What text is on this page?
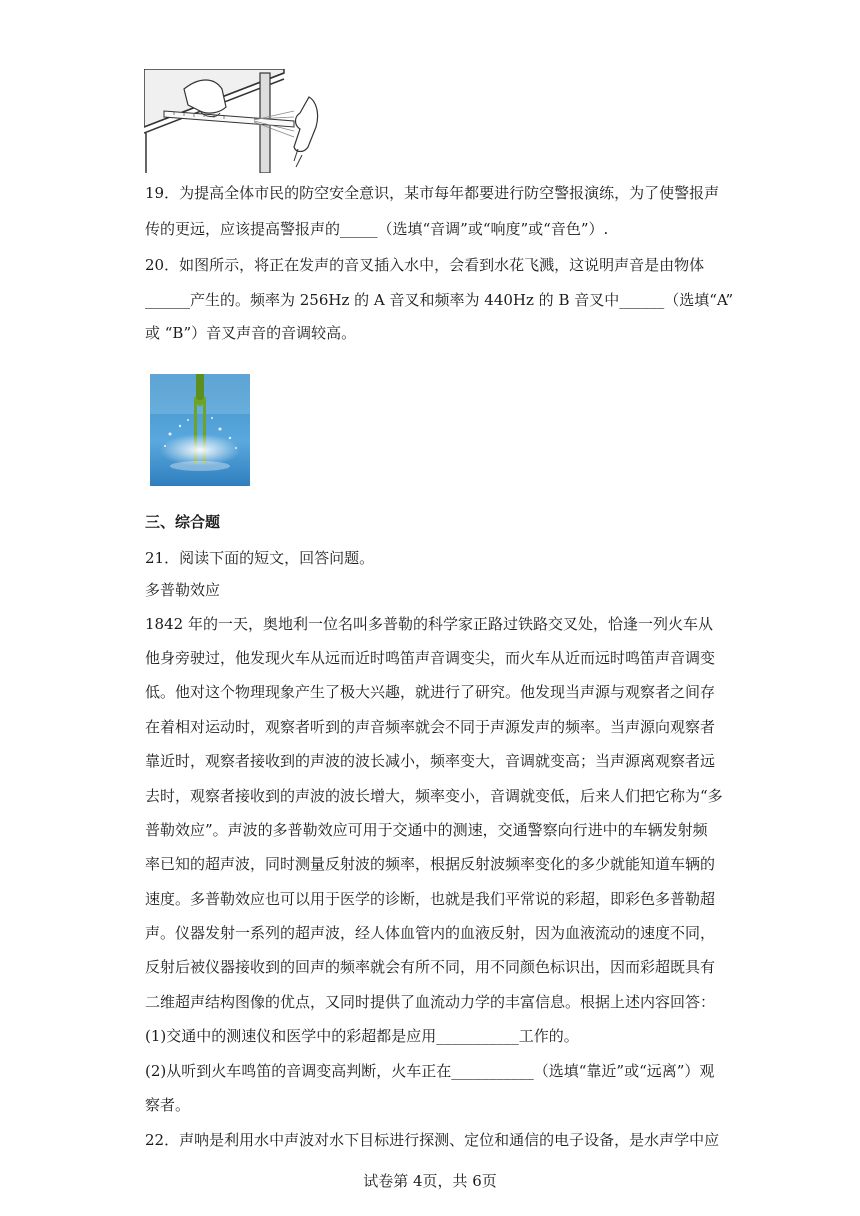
19．为提高全体市民的防空安全意识，某市每年都要进行防空警报演练，为了使警报声
传的更远，应该提高警报声的_____（选填“音调”或“响度”或“音色”）.
20．如图所示，将正在发声的音叉插入水中，会看到水花飞溅，这说明声音是由物体
______产生的。频率为 256Hz 的 A 音叉和频率为 440Hz 的 B 音叉中______（选填“A”
或 “B”）音叉声音的音调较高。
三、综合题
21．阅读下面的短文，回答问题。
多普勒效应
1842 年的一天，奥地利一位名叫多普勒的科学家正路过铁路交叉处，恰逢一列火车从
他身旁驶过，他发现火车从远而近时鸣笛声音调变尖，而火车从近而远时鸣笛声音调变
低。他对这个物理现象产生了极大兴趣，就进行了研究。他发现当声源与观察者之间存
在着相对运动时，观察者听到的声音频率就会不同于声源发声的频率。当声源向观察者
靠近时，观察者接收到的声波的波长减小，频率变大，音调就变高；当声源离观察者远
去时，观察者接收到的声波的波长增大，频率变小，音调就变低，后来人们把它称为“多
普勒效应”。声波的多普勒效应可用于交通中的测速，交通警察向行进中的车辆发射频
率已知的超声波，同时测量反射波的频率，根据反射波频率变化的多少就能知道车辆的
速度。多普勒效应也可以用于医学的诊断，也就是我们平常说的彩超，即彩色多普勒超
声。仪器发射一系列的超声波，经人体血管内的血液反射，因为血液流动的速度不同，
反射后被仪器接收到的回声的频率就会有所不同，用不同颜色标识出，因而彩超既具有
二维超声结构图像的优点，又同时提供了血流动力学的丰富信息。根据上述内容回答：
(1)交通中的测速仪和医学中的彩超都是应用___________工作的。
(2)从听到火车鸣笛的音调变高判断，火车正在___________（选填“靠近”或“远离”）观
察者。
22．声呐是利用水中声波对水下目标进行探测、定位和通信的电子设备，是水声学中应
试卷第 4页，共 6页
